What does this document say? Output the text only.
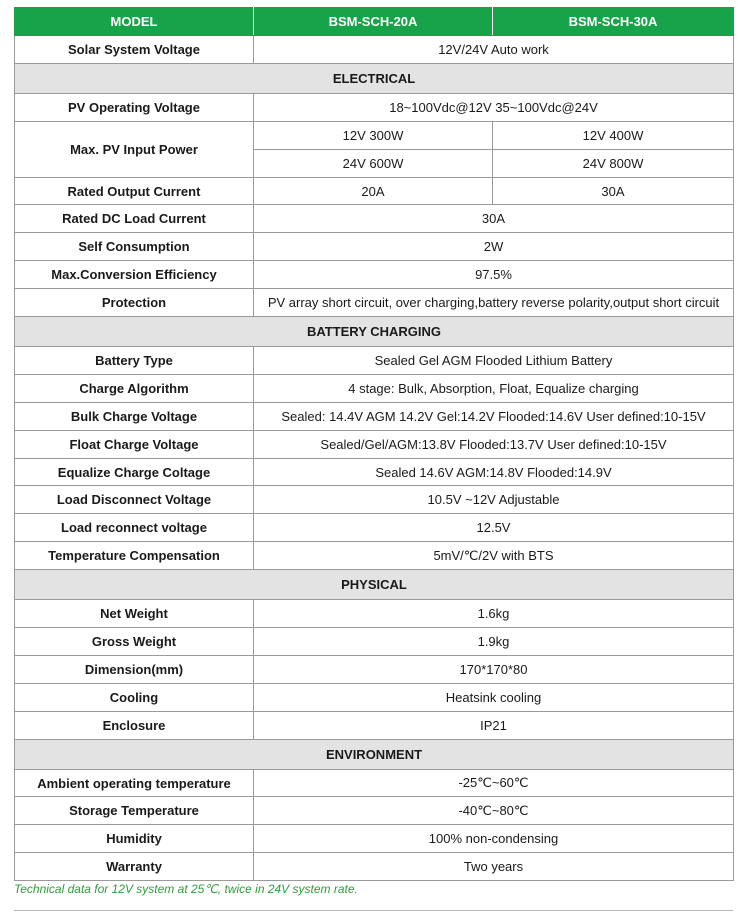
MODEL	BSM-SCH-20A	BSM-SCH-30A
Solar System Voltage	12V/24V Auto work	
ELECTRICAL		
PV Operating Voltage	18~100Vdc@12V 35~100Vdc@24V	
Max. PV Input Power	12V 300W	12V 400W
	24V 600W	24V 800W
Rated Output Current	20A	30A
Rated DC Load Current	30A	
Self Consumption	2W	
Max.Conversion Efficiency	97.5%	
Protection	PV array short circuit, over charging,battery reverse polarity,output short circuit	
BATTERY CHARGING		
Battery Type	Sealed Gel AGM Flooded Lithium Battery	
Charge Algorithm	4 stage: Bulk, Absorption, Float, Equalize charging	
Bulk Charge Voltage	Sealed: 14.4V AGM 14.2V Gel:14.2V Flooded:14.6V User defined:10-15V	
Float Charge Voltage	Sealed/Gel/AGM:13.8V Flooded:13.7V User defined:10-15V	
Equalize Charge Coltage	Sealed 14.6V AGM:14.8V Flooded:14.9V	
Load Disconnect Voltage	10.5V ~12V Adjustable	
Load reconnect voltage	12.5V	
Temperature Compensation	5mV/℃/2V with BTS	
PHYSICAL		
Net Weight	1.6kg	
Gross Weight	1.9kg	
Dimension(mm)	170*170*80	
Cooling	Heatsink cooling	
Enclosure	IP21	
ENVIRONMENT		
Ambient operating temperature	-25℃~60℃	
Storage Temperature	-40℃~80℃	
Humidity	100% non-condensing	
Warranty	Two years	
Technical data for 12V system at 25℃, twice in 24V system rate.
